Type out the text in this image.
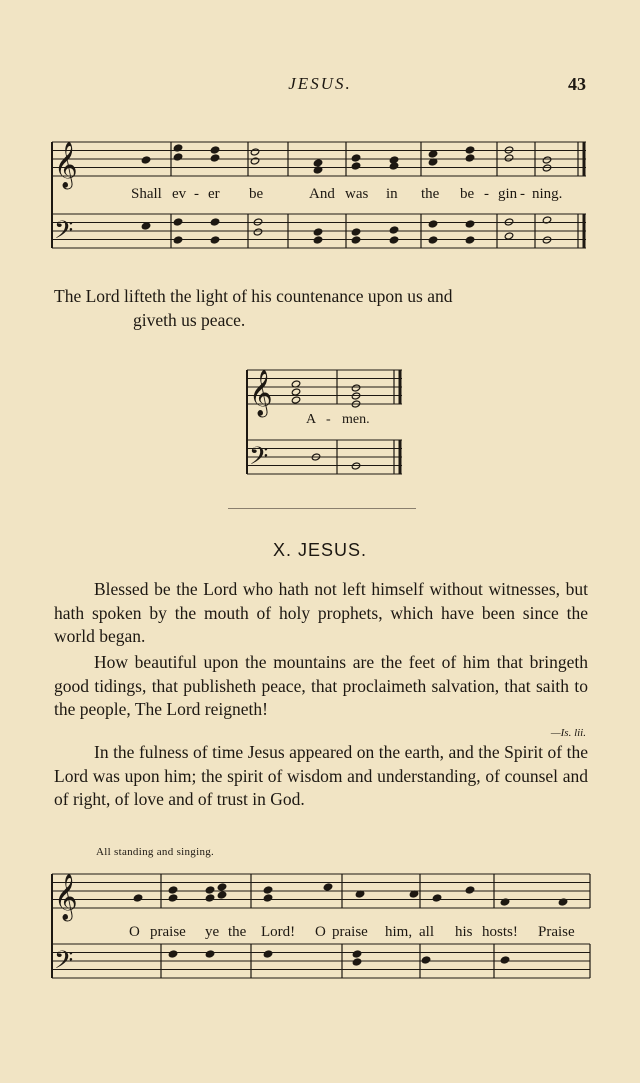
JESUS.	43
𝄞
𝄢
𝄞
𝄢
𝄞
𝄢
Shall ev - er be	And was in the be - gin - ning.
The Lord lifteth the light of his countenance upon us and
giveth us peace.
A - men.
X. JESUS.
Blessed be the Lord who hath not left himself without witnesses, but hath spoken by the mouth of holy prophets, which have been since the world began.
How beautiful upon the mountains are the feet of him that bringeth good tidings, that publisheth peace, that proclaimeth salvation, that saith to the people, The Lord reigneth!
—Is. lii.
In the fulness of time Jesus appeared on the earth, and the Spirit of the Lord was upon him; the spirit of wisdom and understanding, of counsel and of right, of love and of trust in God.
All standing and singing.
O praise ye the Lord! O praise him, all his hosts! Praise
